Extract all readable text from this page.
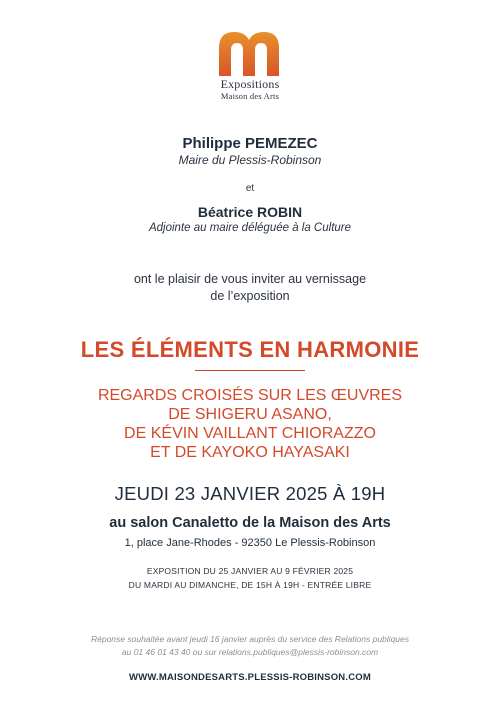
Expositions
Maison des Arts
Philippe PEMEZEC
Maire du Plessis-Robinson
et
Béatrice ROBIN
Adjointe au maire déléguée à la Culture
ont le plaisir de vous inviter au vernissage
de l’exposition
LES ÉLÉMENTS EN HARMONIE
REGARDS CROISÉS SUR LES ŒUVRES
DE SHIGERU ASANO,
DE KÉVIN VAILLANT CHIORAZZO
ET DE KAYOKO HAYASAKI
JEUDI 23 JANVIER 2025 À 19H
au salon Canaletto de la Maison des Arts
1, place Jane-Rhodes - 92350 Le Plessis-Robinson
EXPOSITION DU 25 JANVIER AU 9 FÉVRIER 2025
DU MARDI AU DIMANCHE, DE 15H À 19H - ENTRÉE LIBRE
Réponse souhaitée avant jeudi 16 janvier auprès du service des Relations publiques
au 01 46 01 43 40 ou sur relations.publiques@plessis-robinson.com
WWW.MAISONDESARTS.PLESSIS-ROBINSON.COM
